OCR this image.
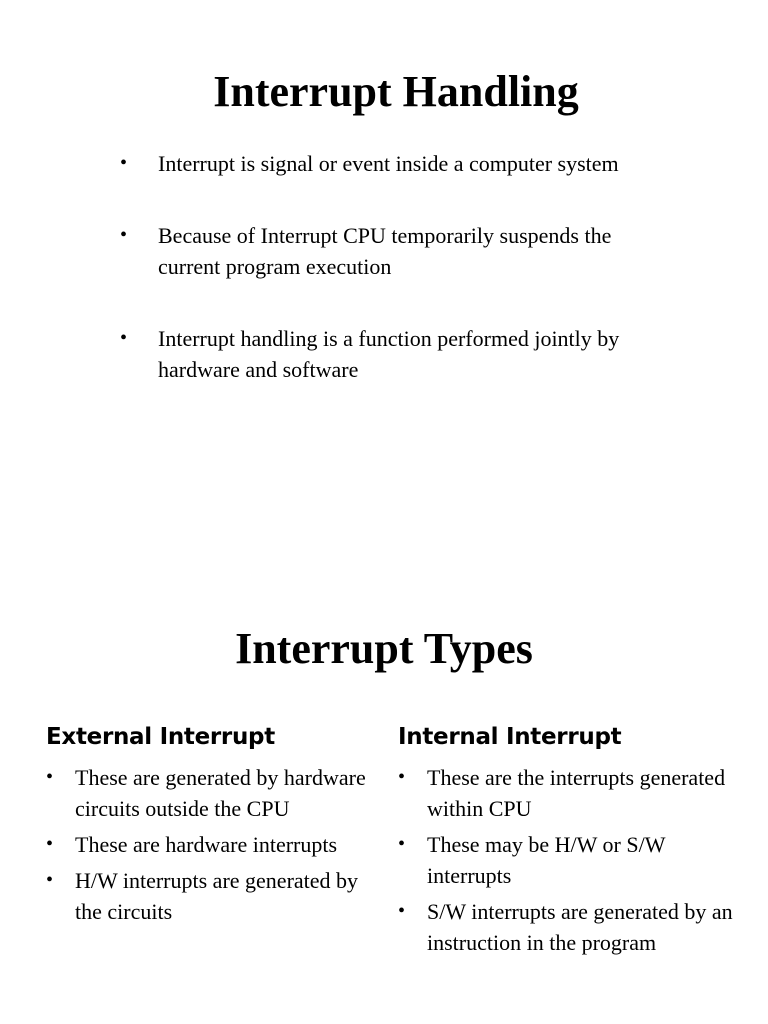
Interrupt Handling
• Interrupt is signal or event inside a computer system
• Because of Interrupt CPU temporarily suspends the current program execution
• Interrupt handling is a function performed jointly by hardware and software
Interrupt Types
External Interrupt
• These are generated by hardware circuits outside the CPU
• These are hardware interrupts
• H/W interrupts are generated by the circuits
Internal Interrupt
• These are the interrupts generated within CPU
• These may be H/W or S/W interrupts
• S/W interrupts are generated by an instruction in the program
